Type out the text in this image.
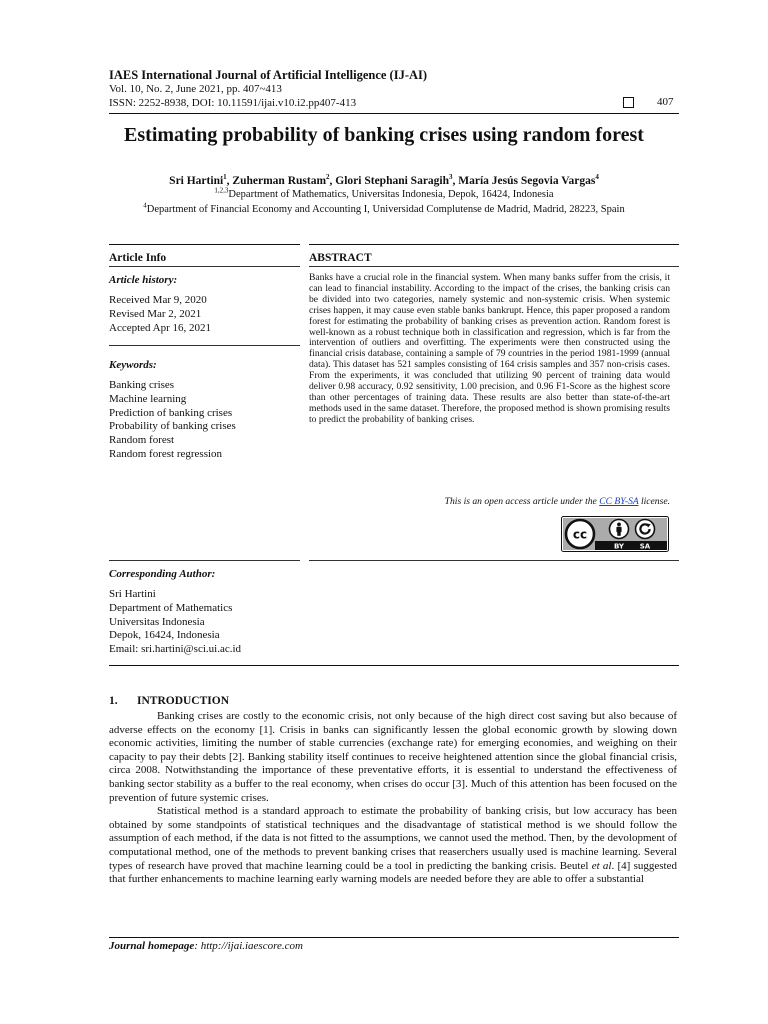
IAES International Journal of Artificial Intelligence (IJ-AI)
Vol. 10, No. 2, June 2021, pp. 407~413
ISSN: 2252-8938, DOI: 10.11591/ijai.v10.i2.pp407-413	407
Estimating probability of banking crises using random forest
Sri Hartini$^1$, Zuherman Rustam$^2$, Glori Stephani Saragih$^3$, María Jesús Segovia Vargas$^4$
$^{1,2,3}$Department of Mathematics, Universitas Indonesia, Depok, 16424, Indonesia
$^4$Department of Financial Economy and Accounting I, Universidad Complutense de Madrid, Madrid, 28223, Spain
Article Info	ABSTRACT
Article history:
Received Mar 9, 2020
Revised Mar 2, 2021
Accepted Apr 16, 2021
Keywords:
Banking crises
Machine learning
Prediction of banking crises
Probability of banking crises
Random forest
Random forest regression
Banks have a crucial role in the financial system. When many banks suffer from the crisis, it can lead to financial instability. According to the impact of the crises, the banking crisis can be divided into two categories, namely systemic and non-systemic crisis. When systemic crises happen, it may cause even stable banks bankrupt. Hence, this paper proposed a random forest for estimating the probability of banking crises as prevention action. Random forest is well-known as a robust technique both in classification and regression, which is far from the intervention of outliers and overfitting. The experiments were then constructed using the financial crisis database, containing a sample of 79 countries in the period 1981-1999 (annual data). This dataset has 521 samples consisting of 164 crisis samples and 357 non-crisis cases. From the experiments, it was concluded that utilizing 90 percent of training data would deliver 0.98 accuracy, 0.92 sensitivity, 1.00 precision, and 0.96 F1-Score as the highest score than other percentages of training data. These results are also better than state-of-the-art methods used in the same dataset. Therefore, the proposed method is shown promising results to predict the probability of banking crises.
This is an open access article under the CC BY-SA license.
cc
BY SA
Corresponding Author:
Sri Hartini
Department of Mathematics
Universitas Indonesia
Depok, 16424, Indonesia
Email: sri.hartini@sci.ui.ac.id
1. INTRODUCTION

Banking crises are costly to the economic crisis, not only because of the high direct cost saving but also because of adverse effects on the economy [1]. Crisis in banks can significantly lessen the global economic growth by slowing down economic activities, limiting the number of stable currencies (exchange rate) for emerging economies, and weighing on their capacity to pay their debts [2]. Banking stability itself continues to receive heightened attention since the global financial crisis, circa 2008. Notwithstanding the importance of these preventative efforts, it is essential to understand the effectiveness of banking sector stability as a buffer to the real economy, when crises do occur [3]. Much of this attention has been focused on the prevention of future systemic crises.

Statistical method is a standard approach to estimate the probability of banking crisis, but low accuracy has been obtained by some standpoints of statistical techniques and the disadvantage of statistical method is we should follow the assumption of each method, if the data is not fitted to the assumptions, we cannot used the method. Then, by the devolopment of computational method, one of the methods to prevent banking crises that reaserchers usually used is machine learning. Several types of research have proved that machine learning could be a tool in predicting the banking crisis. Beutel et al. [4] suggested that further enhancements to machine learning early warning models are needed before they are able to offer a substantial

Journal homepage: http://ijai.iaescore.com
